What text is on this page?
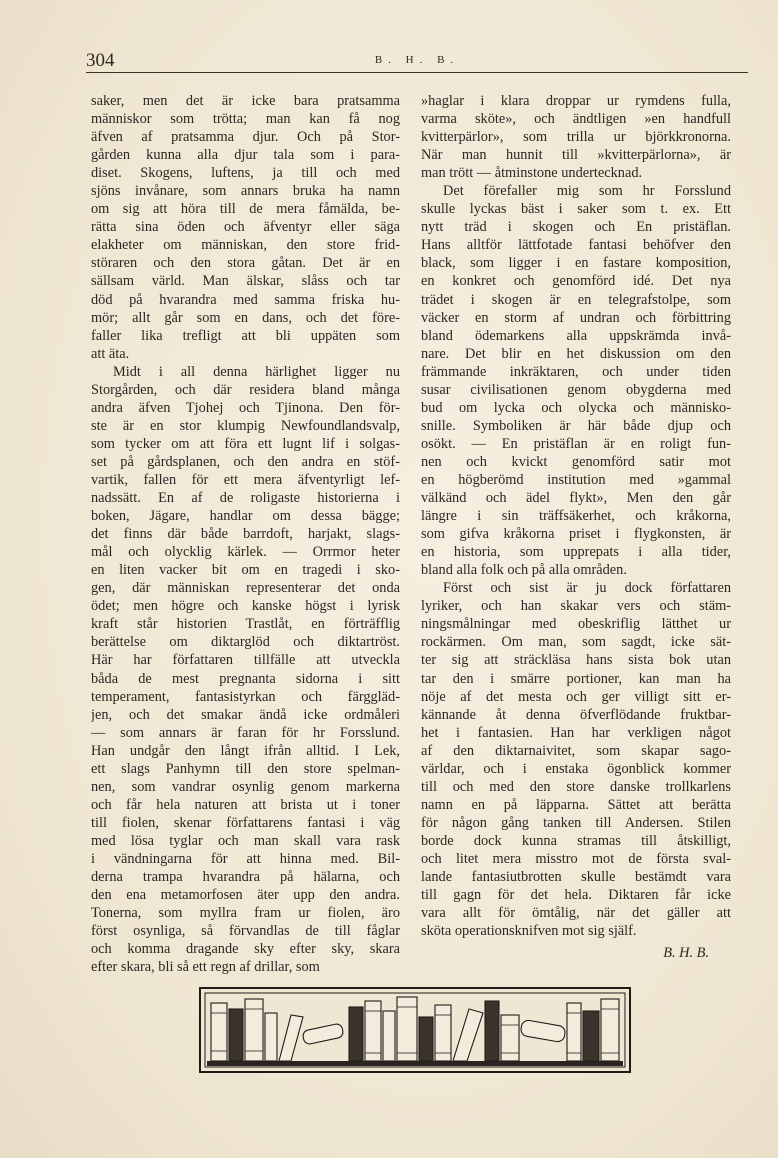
304	B. H. B.
saker, men det är icke bara pratsamma
människor som trötta; man kan få nog
äfven af pratsamma djur. Och på Stor-
gården kunna alla djur tala som i para-
diset. Skogens, luftens, ja till och med
sjöns invånare, som annars bruka ha namn
om sig att höra till de mera fåmälda, be-
rätta sina öden och äfventyr eller säga
elakheter om människan, den store frid-
störaren och den stora gåtan. Det är en
sällsam värld. Man älskar, slåss och tar
död på hvarandra med samma friska hu-
mör; allt går som en dans, och det före-
faller lika trefligt att bli uppäten som
att äta.
Midt i all denna härlighet ligger nu
Storgården, och där residera bland många
andra äfven Tjohej och Tjinona. Den för-
ste är en stor klumpig Newfoundlandsvalp,
som tycker om att föra ett lugnt lif i solgas-
set på gårdsplanen, och den andra en stöf-
vartik, fallen för ett mera äfventyrligt lef-
nadssätt. En af de roligaste historierna i
boken, Jägare, handlar om dessa bägge;
det finns där både barrdoft, harjakt, slags-
mål och olycklig kärlek. — Orrmor heter
en liten vacker bit om en tragedi i sko-
gen, där människan representerar det onda
ödet; men högre och kanske högst i lyrisk
kraft står historien Trastlåt, en förträfflig
berättelse om diktarglöd och diktartröst.
Här har författaren tillfälle att utveckla
båda de mest pregnanta sidorna i sitt
temperament, fantasistyrkan och färggläd-
jen, och det smakar ändå icke ordmåleri
— som annars är faran för hr Forsslund.
Han undgår den långt ifrån alltid. I Lek,
ett slags Panhymn till den store spelman-
nen, som vandrar osynlig genom markerna
och får hela naturen att brista ut i toner
till fiolen, skenar författarens fantasi i väg
med lösa tyglar och man skall vara rask
i vändningarna för att hinna med. Bil-
derna trampa hvarandra på hälarna, och
den ena metamorfosen äter upp den andra.
Tonerna, som myllra fram ur fiolen, äro
först osynliga, så förvandlas de till fåglar
och komma dragande sky efter sky, skara
efter skara, bli så ett regn af drillar, som
»haglar i klara droppar ur rymdens fulla,
varma sköte», och ändtligen »en handfull
kvitterpärlor», som trilla ur björkkronorna.
När man hunnit till »kvitterpärlorna», är
man trött — åtminstone undertecknad.
Det förefaller mig som hr Forsslund
skulle lyckas bäst i saker som t. ex. Ett
nytt träd i skogen och En pristäflan.
Hans alltför lättfotade fantasi behöfver den
black, som ligger i en fastare komposition,
en konkret och genomförd idé. Det nya
trädet i skogen är en telegrafstolpe, som
väcker en storm af undran och förbittring
bland ödemarkens alla uppskrämda invå-
nare. Det blir en het diskussion om den
främmande inkräktaren, och under tiden
susar civilisationen genom obygderna med
bud om lycka och olycka och människo-
snille. Symboliken är här både djup och
osökt. — En pristäflan är en roligt fun-
nen och kvickt genomförd satir mot
en högberömd institution med »gammal
välkänd och ädel flykt», Men den går
längre i sin träffsäkerhet, och kråkorna,
som gifva kråkorna priset i flygkonsten, är
en historia, som upprepats i alla tider,
bland alla folk och på alla områden.
Först och sist är ju dock författaren
lyriker, och han skakar vers och stäm-
ningsmålningar med obeskriflig lätthet ur
rockärmen. Om man, som sagdt, icke sät-
ter sig att sträckläsa hans sista bok utan
tar den i smärre portioner, kan man ha
nöje af det mesta och ger villigt sitt er-
kännande åt denna öfverflödande fruktbar-
het i fantasien. Han har verkligen något
af den diktarnaivitet, som skapar sago-
världar, och i enstaka ögonblick kommer
till och med den store danske trollkarlens
namn en på läpparna. Sättet att berätta
för någon gång tanken till Andersen. Stilen
borde dock kunna stramas till åtskilligt,
och litet mera misstro mot de första sval-
lande fantasiutbrotten skulle bestämdt vara
till gagn för det hela. Diktaren får icke
vara allt för ömtålig, när det gäller att
sköta operationsknifven mot sig själf.
B. H. B.
